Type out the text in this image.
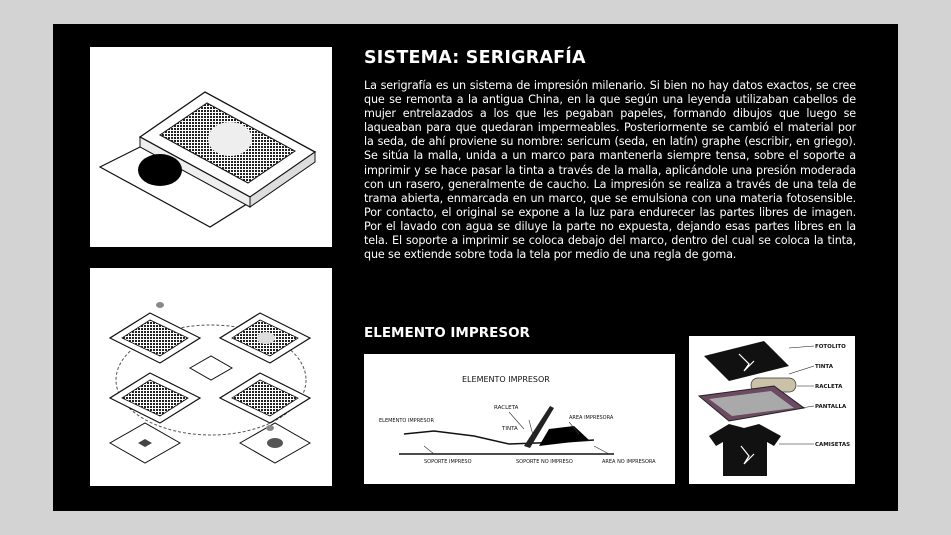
SISTEMA: SERIGRAFÍA

La serigrafía es un sistema de impresión milenario. Si bien no hay datos exactos, se cree que se remonta a la antigua China, en la que según una leyenda utilizaban cabellos de mujer entrelazados a los que les pegaban papeles, formando dibujos que luego se laqueaban para que quedaran impermeables. Posteriormente se cambió el material por la seda, de ahí proviene su nombre: sericum (seda, en latín) graphe (escribir, en griego). Se sitúa la malla, unida a un marco para mantenerla siempre tensa, sobre el soporte a imprimir y se hace pasar la tinta a través de la malla, aplicándole una presión moderada con un rasero, generalmente de caucho. La impresión se realiza a través de una tela de trama abierta, enmarcada en un marco, que se emulsiona con una materia fotosensible. Por contacto, el original se expone a la luz para endurecer las partes libres de imagen. Por el lavado con agua se diluye la parte no expuesta, dejando esas partes libres en la tela. El soporte a imprimir se coloca debajo del marco, dentro del cual se coloca la tinta, que se extiende sobre toda la tela por medio de una regla de goma.

ELEMENTO IMPRESOR
ELEMENTO IMPRESOR
RACLETA
TINTA
AREA IMPRESORA
ELEMENTO IMPRESOR
SOPORTE IMPRESO	SOPORTE NO IMPRESO	AREA NO IMPRESORA
FOTOLITO
TINTA
RACLETA
PANTALLA
CAMISETAS
